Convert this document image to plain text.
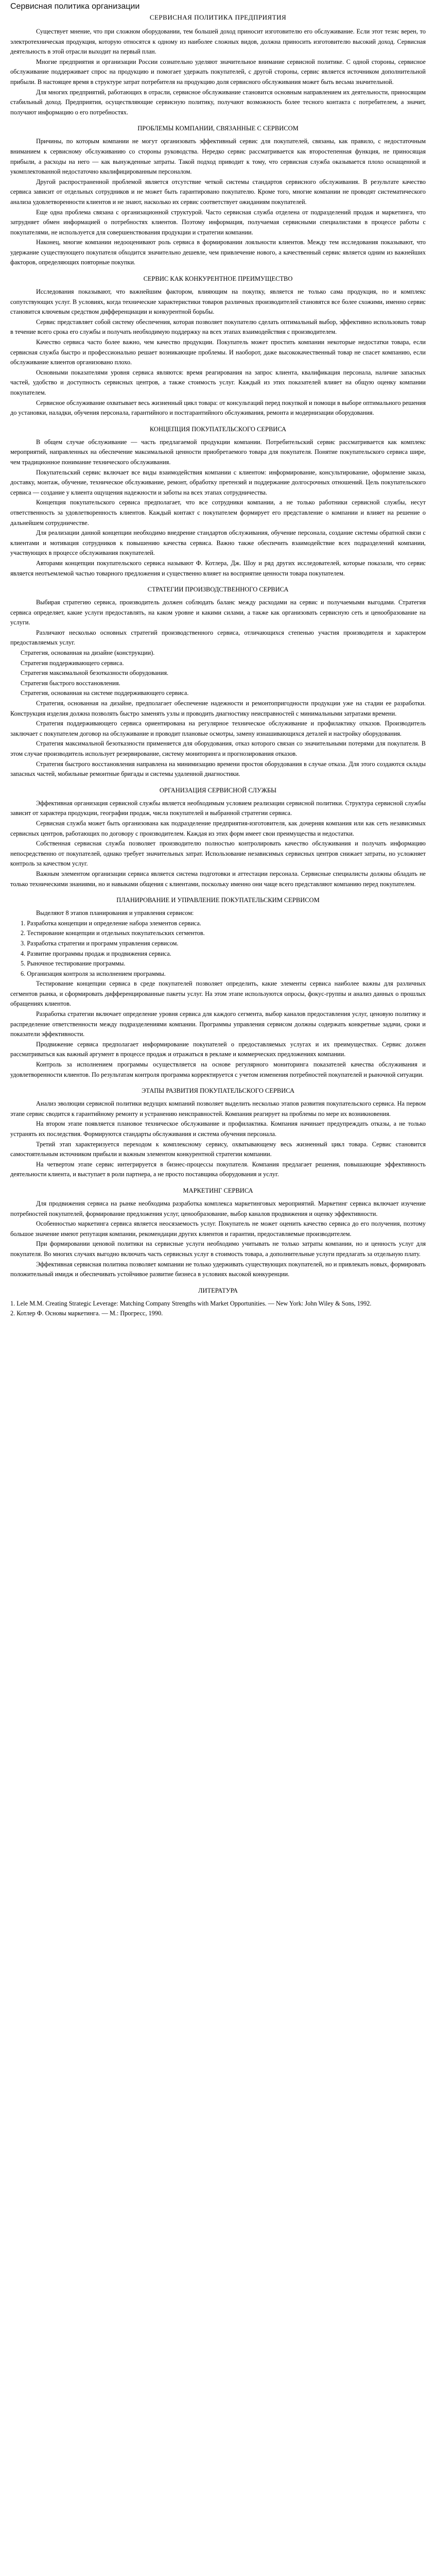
Сервисная политика организации
СЕРВИСНАЯ ПОЛИТИКА ПРЕДПРИЯТИЯ

Существует мнение, что при сложном оборудовании, тем большей доход приносит изготовителю его обслуживание. Если этот тезис верен, то электротехническая продукция, которую относятся к одному из наиболее сложных видов, должна приносить изготовителю высокий доход. Сервисная деятельность в этой отрасли выходит на первый план.

Многие предприятия и организации России сознательно уделяют значительное внимание сервисной политике. С одной стороны, сервисное обслуживание поддерживает спрос на продукцию и помогает удержать покупателей, с другой стороны, сервис является источником дополнительной прибыли. В настоящее время в структуре затрат потребителя на продукцию доля сервисного обслуживания может быть весьма значительной.

Для многих предприятий, работающих в отрасли, сервисное обслуживание становится основным направлением их деятельности, приносящим стабильный доход. Предприятия, осуществляющие сервисную политику, получают возможность более тесного контакта с потребителем, а значит, получают информацию о его потребностях.

ПРОБЛЕМЫ КОМПАНИИ, СВЯЗАННЫЕ С СЕРВИСОМ

Причины, по которым компании не могут организовать эффективный сервис для покупателей, связаны, как правило, с недостаточным вниманием к сервисному обслуживанию со стороны руководства. Нередко сервис рассматривается как второстепенная функция, не приносящая прибыли, а расходы на него — как вынужденные затраты. Такой подход приводит к тому, что сервисная служба оказывается плохо оснащенной и укомплектованной недостаточно квалифицированным персоналом.

Другой распространенной проблемой является отсутствие четкой системы стандартов сервисного обслуживания. В результате качество сервиса зависит от отдельных сотрудников и не может быть гарантировано покупателю. Кроме того, многие компании не проводят систематического анализа удовлетворенности клиентов и не знают, насколько их сервис соответствует ожиданиям покупателей.

Еще одна проблема связана с организационной структурой. Часто сервисная служба отделена от подразделений продаж и маркетинга, что затрудняет обмен информацией о потребностях клиентов. Поэтому информация, получаемая сервисными специалистами в процессе работы с покупателями, не используется для совершенствования продукции и стратегии компании.

Наконец, многие компании недооценивают роль сервиса в формировании лояльности клиентов. Между тем исследования показывают, что удержание существующего покупателя обходится значительно дешевле, чем привлечение нового, а качественный сервис является одним из важнейших факторов, определяющих повторные покупки.

СЕРВИС КАК КОНКУРЕНТНОЕ ПРЕИМУЩЕСТВО

Исследования показывают, что важнейшим фактором, влияющим на покупку, является не только сама продукция, но и комплекс сопутствующих услуг. В условиях, когда технические характеристики товаров различных производителей становятся все более схожими, именно сервис становится ключевым средством дифференциации и конкурентной борьбы.

Сервис представляет собой систему обеспечения, которая позволяет покупателю сделать оптимальный выбор, эффективно использовать товар в течение всего срока его службы и получать необходимую поддержку на всех этапах взаимодействия с производителем.

Качество сервиса часто более важно, чем качество продукции. Покупатель может простить компании некоторые недостатки товара, если сервисная служба быстро и профессионально решает возникающие проблемы. И наоборот, даже высококачественный товар не спасет компанию, если обслуживание клиентов организовано плохо.

Основными показателями уровня сервиса являются: время реагирования на запрос клиента, квалификация персонала, наличие запасных частей, удобство и доступность сервисных центров, а также стоимость услуг. Каждый из этих показателей влияет на общую оценку компании покупателем.

Сервисное обслуживание охватывает весь жизненный цикл товара: от консультаций перед покупкой и помощи в выборе оптимального решения до установки, наладки, обучения персонала, гарантийного и постгарантийного обслуживания, ремонта и модернизации оборудования.

КОНЦЕПЦИЯ ПОКУПАТЕЛЬСКОГО СЕРВИСА

В общем случае обслуживание — часть предлагаемой продукции компании. Потребительский сервис рассматривается как комплекс мероприятий, направленных на обеспечение максимальной ценности приобретаемого товара для покупателя. Понятие покупательского сервиса шире, чем традиционное понимание технического обслуживания.

Покупательский сервис включает все виды взаимодействия компании с клиентом: информирование, консультирование, оформление заказа, доставку, монтаж, обучение, техническое обслуживание, ремонт, обработку претензий и поддержание долгосрочных отношений. Цель покупательского сервиса — создание у клиента ощущения надежности и заботы на всех этапах сотрудничества.

Концепция покупательского сервиса предполагает, что все сотрудники компании, а не только работники сервисной службы, несут ответственность за удовлетворенность клиентов. Каждый контакт с покупателем формирует его представление о компании и влияет на решение о дальнейшем сотрудничестве.

Для реализации данной концепции необходимо внедрение стандартов обслуживания, обучение персонала, создание системы обратной связи с клиентами и мотивация сотрудников к повышению качества сервиса. Важно также обеспечить взаимодействие всех подразделений компании, участвующих в процессе обслуживания покупателей.

Авторами концепции покупательского сервиса называют Ф. Котлера, Дж. Шоу и ряд других исследователей, которые показали, что сервис является неотъемлемой частью товарного предложения и существенно влияет на восприятие ценности товара покупателем.

СТРАТЕГИИ ПРОИЗВОДСТВЕННОГО СЕРВИСА

Выбирая стратегию сервиса, производитель должен соблюдать баланс между расходами на сервис и получаемыми выгодами. Стратегия сервиса определяет, какие услуги предоставлять, на каком уровне и какими силами, а также как организовать сервисную сеть и ценообразование на услуги.

Различают несколько основных стратегий производственного сервиса, отличающихся степенью участия производителя и характером предоставляемых услуг.

Стратегия, основанная на дизайне (конструкции).

Стратегия поддерживающего сервиса.

Стратегия максимальной безотказности оборудования.

Стратегия быстрого восстановления.

Стратегия, основанная на системе поддерживающего сервиса.

Стратегия, основанная на дизайне, предполагает обеспечение надежности и ремонтопригодности продукции уже на стадии ее разработки. Конструкция изделия должна позволять быстро заменять узлы и проводить диагностику неисправностей с минимальными затратами времени.

Стратегия поддерживающего сервиса ориентирована на регулярное техническое обслуживание и профилактику отказов. Производитель заключает с покупателем договор на обслуживание и проводит плановые осмотры, замену изнашивающихся деталей и настройку оборудования.

Стратегия максимальной безотказности применяется для оборудования, отказ которого связан со значительными потерями для покупателя. В этом случае производитель использует резервирование, систему мониторинга и прогнозирования отказов.

Стратегия быстрого восстановления направлена на минимизацию времени простоя оборудования в случае отказа. Для этого создаются склады запасных частей, мобильные ремонтные бригады и системы удаленной диагностики.

ОРГАНИЗАЦИЯ СЕРВИСНОЙ СЛУЖБЫ

Эффективная организация сервисной службы является необходимым условием реализации сервисной политики. Структура сервисной службы зависит от характера продукции, географии продаж, числа покупателей и выбранной стратегии сервиса.

Сервисная служба может быть организована как подразделение предприятия-изготовителя, как дочерняя компания или как сеть независимых сервисных центров, работающих по договору с производителем. Каждая из этих форм имеет свои преимущества и недостатки.

Собственная сервисная служба позволяет производителю полностью контролировать качество обслуживания и получать информацию непосредственно от покупателей, однако требует значительных затрат. Использование независимых сервисных центров снижает затраты, но усложняет контроль за качеством услуг.

Важным элементом организации сервиса является система подготовки и аттестации персонала. Сервисные специалисты должны обладать не только техническими знаниями, но и навыками общения с клиентами, поскольку именно они чаще всего представляют компанию перед покупателем.

ПЛАНИРОВАНИЕ И УПРАВЛЕНИЕ ПОКУПАТЕЛЬСКИМ СЕРВИСОМ

Выделяют 8 этапов планирования и управления сервисом:

1. Разработка концепции и определение набора элементов сервиса.

2. Тестирование концепции и отдельных покупательских сегментов.

3. Разработка стратегии и программ управления сервисом.

4. Развитие программы продаж и продвижения сервиса.

5. Рыночное тестирование программы.

6. Организация контроля за исполнением программы.

Тестирование концепции сервиса в среде покупателей позволяет определить, какие элементы сервиса наиболее важны для различных сегментов рынка, и сформировать дифференцированные пакеты услуг. На этом этапе используются опросы, фокус-группы и анализ данных о прошлых обращениях клиентов.

Разработка стратегии включает определение уровня сервиса для каждого сегмента, выбор каналов предоставления услуг, ценовую политику и распределение ответственности между подразделениями компании. Программы управления сервисом должны содержать конкретные задачи, сроки и показатели эффективности.

Продвижение сервиса предполагает информирование покупателей о предоставляемых услугах и их преимуществах. Сервис должен рассматриваться как важный аргумент в процессе продаж и отражаться в рекламе и коммерческих предложениях компании.

Контроль за исполнением программы осуществляется на основе регулярного мониторинга показателей качества обслуживания и удовлетворенности клиентов. По результатам контроля программа корректируется с учетом изменения потребностей покупателей и рыночной ситуации.

ЭТАПЫ РАЗВИТИЯ ПОКУПАТЕЛЬСКОГО СЕРВИСА

Анализ эволюции сервисной политики ведущих компаний позволяет выделить несколько этапов развития покупательского сервиса. На первом этапе сервис сводится к гарантийному ремонту и устранению неисправностей. Компания реагирует на проблемы по мере их возникновения.

На втором этапе появляется плановое техническое обслуживание и профилактика. Компания начинает предупреждать отказы, а не только устранять их последствия. Формируются стандарты обслуживания и система обучения персонала.

Третий этап характеризуется переходом к комплексному сервису, охватывающему весь жизненный цикл товара. Сервис становится самостоятельным источником прибыли и важным элементом конкурентной стратегии компании.

На четвертом этапе сервис интегрируется в бизнес-процессы покупателя. Компания предлагает решения, повышающие эффективность деятельности клиента, и выступает в роли партнера, а не просто поставщика оборудования и услуг.

МАРКЕТИНГ СЕРВИСА

Для продвижения сервиса на рынке необходима разработка комплекса маркетинговых мероприятий. Маркетинг сервиса включает изучение потребностей покупателей, формирование предложения услуг, ценообразование, выбор каналов продвижения и оценку эффективности.

Особенностью маркетинга сервиса является неосязаемость услуг. Покупатель не может оценить качество сервиса до его получения, поэтому большое значение имеют репутация компании, рекомендации других клиентов и гарантии, предоставляемые производителем.

При формировании ценовой политики на сервисные услуги необходимо учитывать не только затраты компании, но и ценность услуг для покупателя. Во многих случаях выгодно включать часть сервисных услуг в стоимость товара, а дополнительные услуги предлагать за отдельную плату.

Эффективная сервисная политика позволяет компании не только удерживать существующих покупателей, но и привлекать новых, формировать положительный имидж и обеспечивать устойчивое развитие бизнеса в условиях высокой конкуренции.

ЛИТЕРАТУРА

1. Lele M.M. Creating Strategic Leverage: Matching Company Strengths with Market Opportunities. — New York: John Wiley & Sons, 1992.

2. Котлер Ф. Основы маркетинга. — М.: Прогресс, 1990.
